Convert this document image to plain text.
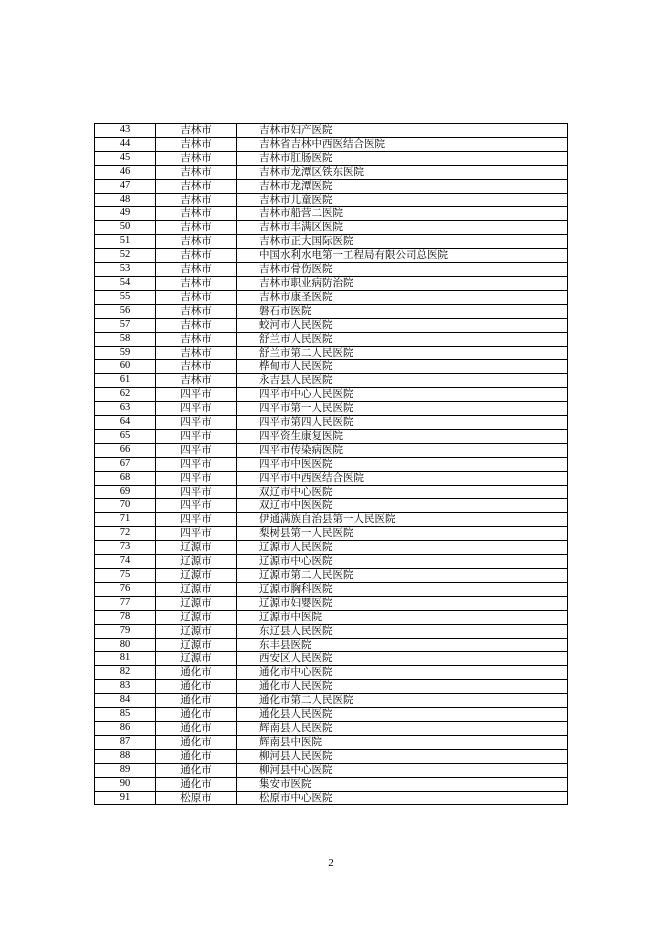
43	吉林市	吉林市妇产医院
44	吉林市	吉林省吉林中西医结合医院
45	吉林市	吉林市肛肠医院
46	吉林市	吉林市龙潭区铁东医院
47	吉林市	吉林市龙潭医院
48	吉林市	吉林市儿童医院
49	吉林市	吉林市船营二医院
50	吉林市	吉林市丰满区医院
51	吉林市	吉林市正大国际医院
52	吉林市	中国水利水电第一工程局有限公司总医院
53	吉林市	吉林市骨伤医院
54	吉林市	吉林市职业病防治院
55	吉林市	吉林市康圣医院
56	吉林市	磐石市医院
57	吉林市	蛟河市人民医院
58	吉林市	舒兰市人民医院
59	吉林市	舒兰市第二人民医院
60	吉林市	桦甸市人民医院
61	吉林市	永吉县人民医院
62	四平市	四平市中心人民医院
63	四平市	四平市第一人民医院
64	四平市	四平市第四人民医院
65	四平市	四平资生康复医院
66	四平市	四平市传染病医院
67	四平市	四平市中医医院
68	四平市	四平市中西医结合医院
69	四平市	双辽市中心医院
70	四平市	双辽市中医医院
71	四平市	伊通满族自治县第一人民医院
72	四平市	梨树县第一人民医院
73	辽源市	辽源市人民医院
74	辽源市	辽源市中心医院
75	辽源市	辽源市第二人民医院
76	辽源市	辽源市胸科医院
77	辽源市	辽源市妇婴医院
78	辽源市	辽源市中医院
79	辽源市	东辽县人民医院
80	辽源市	东丰县医院
81	辽源市	西安区人民医院
82	通化市	通化市中心医院
83	通化市	通化市人民医院
84	通化市	通化市第二人民医院
85	通化市	通化县人民医院
86	通化市	辉南县人民医院
87	通化市	辉南县中医院
88	通化市	柳河县人民医院
89	通化市	柳河县中心医院
90	通化市	集安市医院
91	松原市	松原市中心医院
2
